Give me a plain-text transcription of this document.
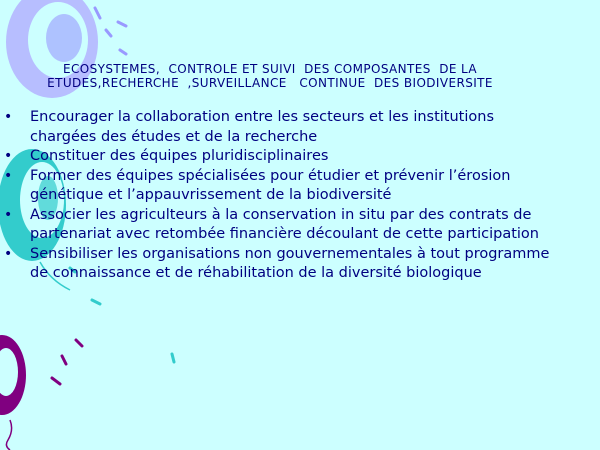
ECOSYSTEMES,  CONTROLE ET SUIVI  DES COMPOSANTES  DE LA
ETUDES,RECHERCHE  ,SURVEILLANCE   CONTINUE  DES BIODIVERSITE
• Encourager la collaboration entre les secteurs et les institutions chargées des études et de la recherche
• Constituer des équipes pluridisciplinaires
• Former des équipes spécialisées pour étudier et prévenir l’érosion génétique et l’appauvrissement de la biodiversité
• Associer les agriculteurs à la conservation in situ par des contrats de partenariat avec retombée financière découlant de cette participation
• Sensibiliser les organisations non gouvernementales à tout programme de connaissance et de réhabilitation de la diversité biologique
